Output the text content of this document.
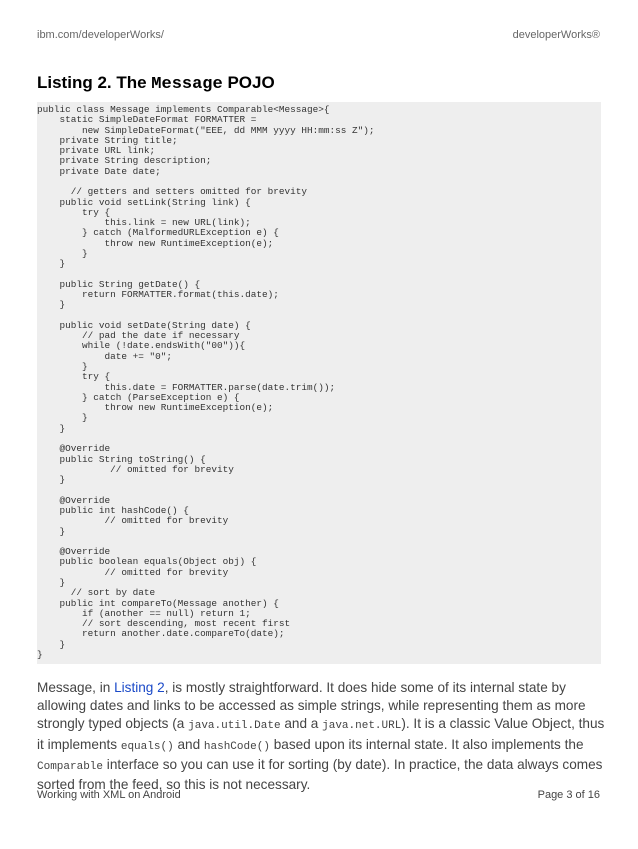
ibm.com/developerWorks/	developerWorks®
Listing 2. The Message POJO
public class Message implements Comparable<Message>{
static SimpleDateFormat FORMATTER =
new SimpleDateFormat("EEE, dd MMM yyyy HH:mm:ss Z");
private String title;
private URL link;
private String description;
private Date date;

// getters and setters omitted for brevity
public void setLink(String link) {
try {
this.link = new URL(link);
} catch (MalformedURLException e) {
throw new RuntimeException(e);
}
}

public String getDate() {
return FORMATTER.format(this.date);
}

public void setDate(String date) {
// pad the date if necessary
while (!date.endsWith("00")){
date += "0";
}
try {
this.date = FORMATTER.parse(date.trim());
} catch (ParseException e) {
throw new RuntimeException(e);
}
}

@Override
public String toString() {
// omitted for brevity
}

@Override
public int hashCode() {
// omitted for brevity
}

@Override
public boolean equals(Object obj) {
// omitted for brevity
}
// sort by date
public int compareTo(Message another) {
if (another == null) return 1;
// sort descending, most recent first
return another.date.compareTo(date);
}
}

Message, in Listing 2, is mostly straightforward. It does hide some of its internal state by allowing dates and links to be accessed as simple strings, while representing them as more strongly typed objects (a java.util.Date and a java.net.URL). It is a classic Value Object, thus it implements equals() and hashCode() based upon its internal state. It also implements the Comparable interface so you can use it for sorting (by date). In practice, the data always comes sorted from the feed, so this is not necessary.

Working with XML on Android	Page 3 of 16
